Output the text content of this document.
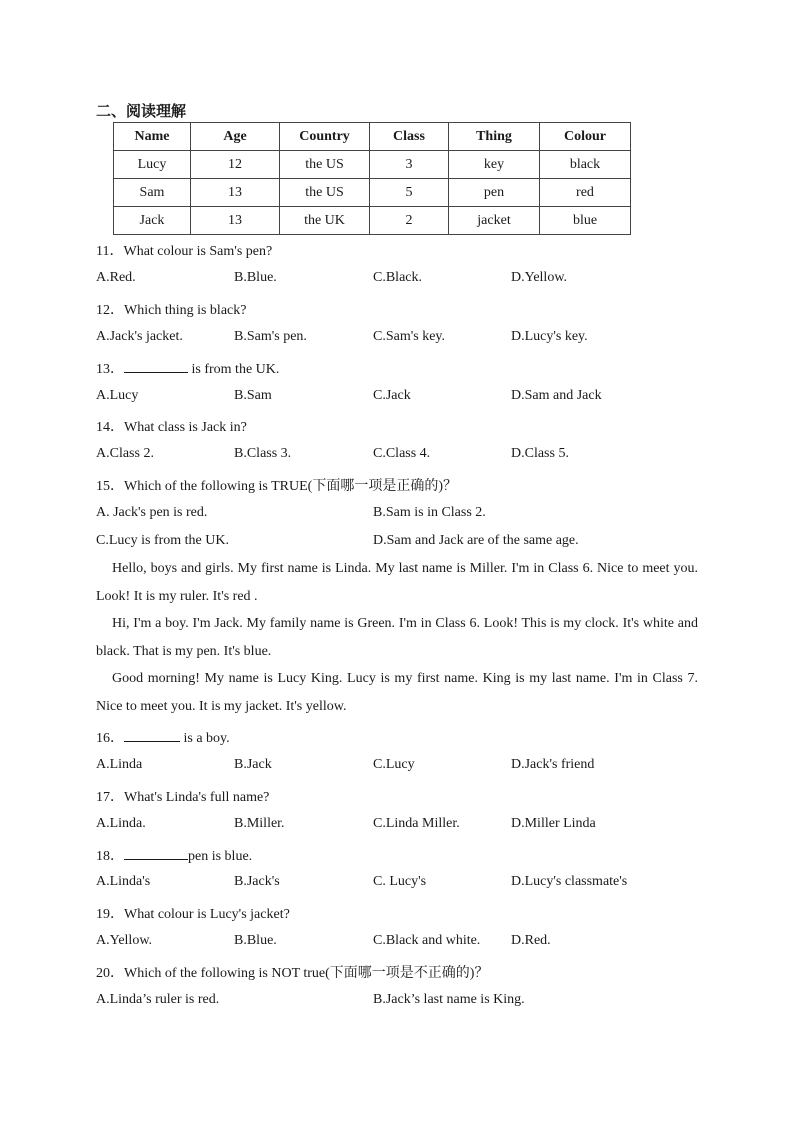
二、阅读理解
Name	Age	Country	Class	Thing	Colour
Lucy	12	the US	3	key	black
Sam	13	the US	5	pen	red
Jack	13	the UK	2	jacket	blue
11．What colour is Sam's pen?
A.Red.	B.Blue.	C.Black.	D.Yellow.
12．Which thing is black?
A.Jack's jacket.	B.Sam's pen.	C.Sam's key.	D.Lucy's key.
13．	is from the UK.
A.Lucy	B.Sam	C.Jack	D.Sam and Jack
14．What class is Jack in?
A.Class 2.	B.Class 3.	C.Class 4.	D.Class 5.
15．Which of the following is TRUE(下面哪一项是正确的)？
A. Jack's pen is red.	B.Sam is in Class 2.
C.Lucy is from the UK.	D.Sam and Jack are of the same age.
Hello, boys and girls. My first name is Linda. My last name is Miller. I'm in Class 6. Nice to meet you. Look! It is my ruler. It's red .
Hi, I'm a boy. I'm Jack. My family name is Green. I'm in Class 6. Look! This is my clock. It's white and black. That is my pen. It's blue.
Good morning! My name is Lucy King. Lucy is my first name. King is my last name. I'm in Class 7. Nice to meet you. It is my jacket. It's yellow.
16．	is a boy.
A.Linda	B.Jack	C.Lucy	D.Jack's friend
17．What's Linda's full name?
A.Linda.	B.Miller.	C.Linda Miller.	D.Miller Linda
18．	pen is blue.
A.Linda's	B.Jack's	C. Lucy's	D.Lucy's classmate's
19．What colour is Lucy's jacket?
A.Yellow.	B.Blue.	C.Black and white. D.Red.
20．Which of the following is NOT true(下面哪一项是不正确的)？
A.Linda’s ruler is red.	B.Jack’s last name is King.
